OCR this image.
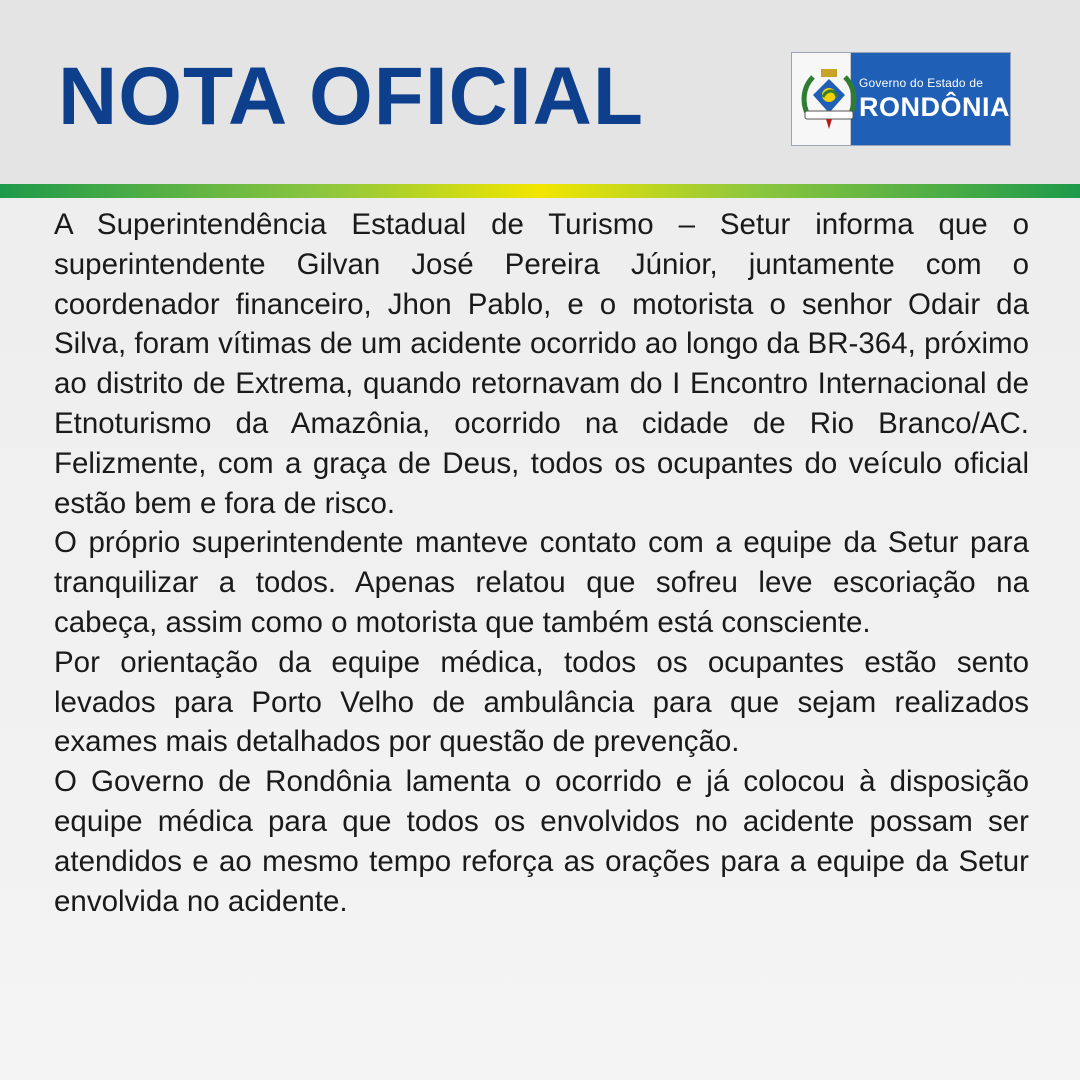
NOTA OFICIAL	Governo do Estado de
RONDÔNIA

A Superintendência Estadual de Turismo – Setur informa que o superintendente Gilvan José Pereira Júnior, juntamente com o coordenador financeiro, Jhon Pablo, e o motorista o senhor Odair da Silva, foram vítimas de um acidente ocorrido ao longo da BR-364, próximo ao distrito de Extrema, quando retornavam do I Encontro Internacional de Etnoturismo da Amazônia, ocorrido na cidade de Rio Branco/AC. Felizmente, com a graça de Deus, todos os ocupantes do veículo oficial estão bem e fora de risco.

O próprio superintendente manteve contato com a equipe da Setur para tranquilizar a todos. Apenas relatou que sofreu leve escoriação na cabeça, assim como o motorista que também está consciente.

Por orientação da equipe médica, todos os ocupantes estão sento levados para Porto Velho de ambulância para que sejam realizados exames mais detalhados por questão de prevenção.

O Governo de Rondônia lamenta o ocorrido e já colocou à disposição equipe médica para que todos os envolvidos no acidente possam ser atendidos e ao mesmo tempo reforça as orações para a equipe da Setur envolvida no acidente.
